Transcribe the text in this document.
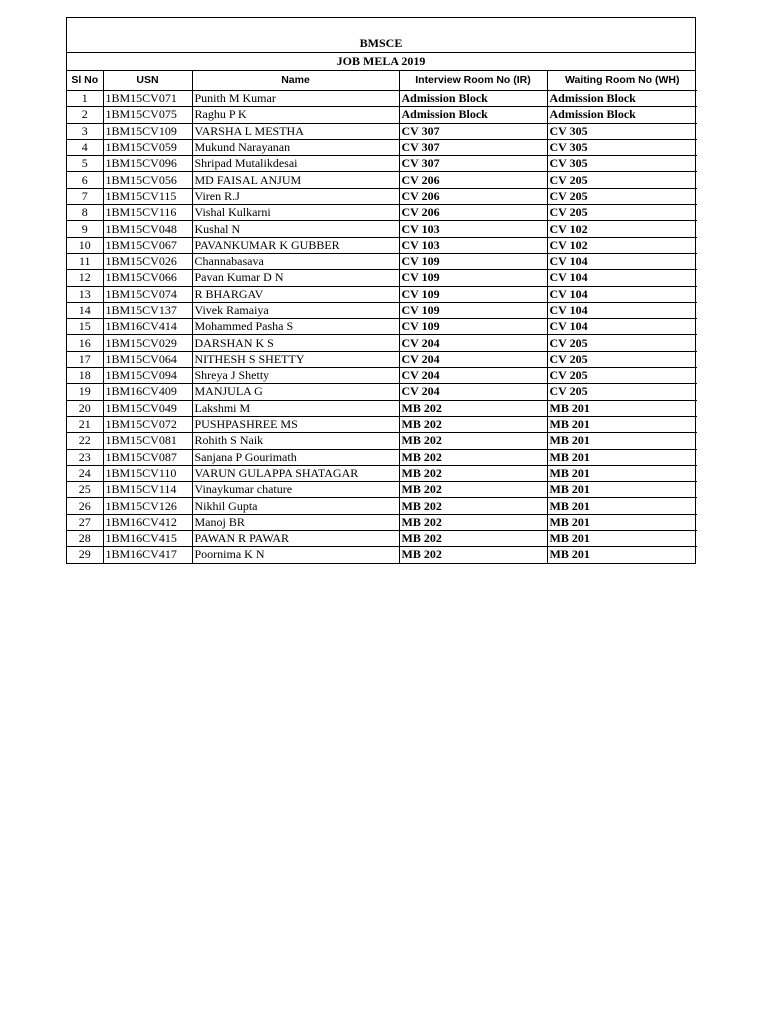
BMSCE
JOB MELA 2019
Sl No	USN	Name	Interview Room No (IR)	Waiting Room No (WH)
1	1BM15CV071	Punith M Kumar	Admission Block	Admission Block
2	1BM15CV075	Raghu P K	Admission Block	Admission Block
3	1BM15CV109	VARSHA L MESTHA	CV 307	CV 305
4	1BM15CV059	Mukund Narayanan	CV 307	CV 305
5	1BM15CV096	Shripad Mutalikdesai	CV 307	CV 305
6	1BM15CV056	MD FAISAL ANJUM	CV 206	CV 205
7	1BM15CV115	Viren R.J	CV 206	CV 205
8	1BM15CV116	Vishal Kulkarni	CV 206	CV 205
9	1BM15CV048	Kushal N	CV 103	CV 102
10	1BM15CV067	PAVANKUMAR K GUBBER	CV 103	CV 102
11	1BM15CV026	Channabasava	CV 109	CV 104
12	1BM15CV066	Pavan Kumar D N	CV 109	CV 104
13	1BM15CV074	R BHARGAV	CV 109	CV 104
14	1BM15CV137	Vivek Ramaiya	CV 109	CV 104
15	1BM16CV414	Mohammed Pasha S	CV 109	CV 104
16	1BM15CV029	DARSHAN K S	CV 204	CV 205
17	1BM15CV064	NITHESH S SHETTY	CV 204	CV 205
18	1BM15CV094	Shreya J Shetty	CV 204	CV 205
19	1BM16CV409	MANJULA G	CV 204	CV 205
20	1BM15CV049	Lakshmi M	MB 202	MB 201
21	1BM15CV072	PUSHPASHREE MS	MB 202	MB 201
22	1BM15CV081	Rohith S Naik	MB 202	MB 201
23	1BM15CV087	Sanjana P Gourimath	MB 202	MB 201
24	1BM15CV110	VARUN GULAPPA SHATAGAR	MB 202	MB 201
25	1BM15CV114	Vinaykumar chature	MB 202	MB 201
26	1BM15CV126	Nikhil Gupta	MB 202	MB 201
27	1BM16CV412	Manoj BR	MB 202	MB 201
28	1BM16CV415	PAWAN R PAWAR	MB 202	MB 201
29	1BM16CV417	Poornima K N	MB 202	MB 201
